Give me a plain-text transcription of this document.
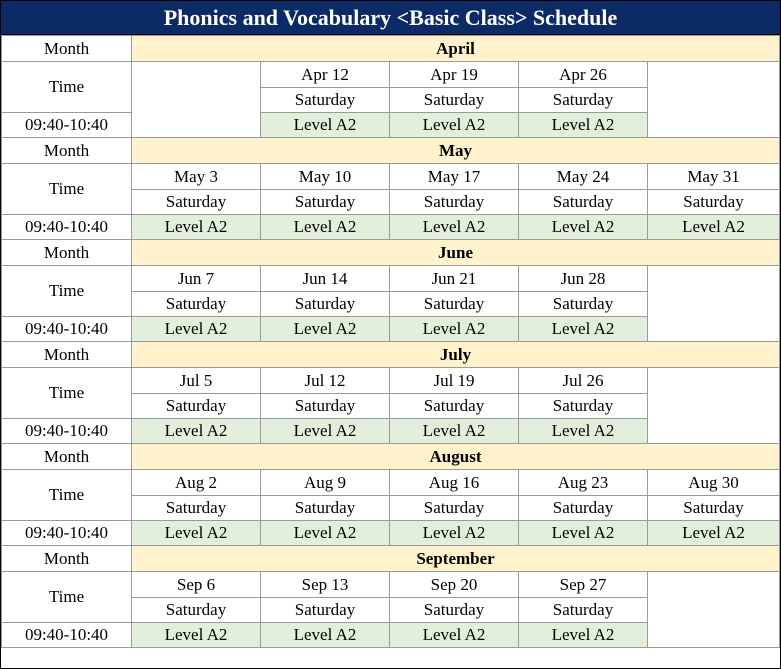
Phonics and Vocabulary <Basic Class> Schedule
Month	April				
Time		Apr 12	Apr 19	Apr 26	
		Saturday	Saturday	Saturday	
09:40-10:40		Level A2	Level A2	Level A2	
Month	May				
Time	May 3	May 10	May 17	May 24	May 31
	Saturday	Saturday	Saturday	Saturday	Saturday
09:40-10:40	Level A2	Level A2	Level A2	Level A2	Level A2
Month	June				
Time	Jun 7	Jun 14	Jun 21	Jun 28	
	Saturday	Saturday	Saturday	Saturday	
09:40-10:40	Level A2	Level A2	Level A2	Level A2	
Month	July				
Time	Jul 5	Jul 12	Jul 19	Jul 26	
	Saturday	Saturday	Saturday	Saturday	
09:40-10:40	Level A2	Level A2	Level A2	Level A2	
Month	August				
Time	Aug 2	Aug 9	Aug 16	Aug 23	Aug 30
	Saturday	Saturday	Saturday	Saturday	Saturday
09:40-10:40	Level A2	Level A2	Level A2	Level A2	Level A2
Month	September				
Time	Sep 6	Sep 13	Sep 20	Sep 27	
	Saturday	Saturday	Saturday	Saturday	
09:40-10:40	Level A2	Level A2	Level A2	Level A2	
